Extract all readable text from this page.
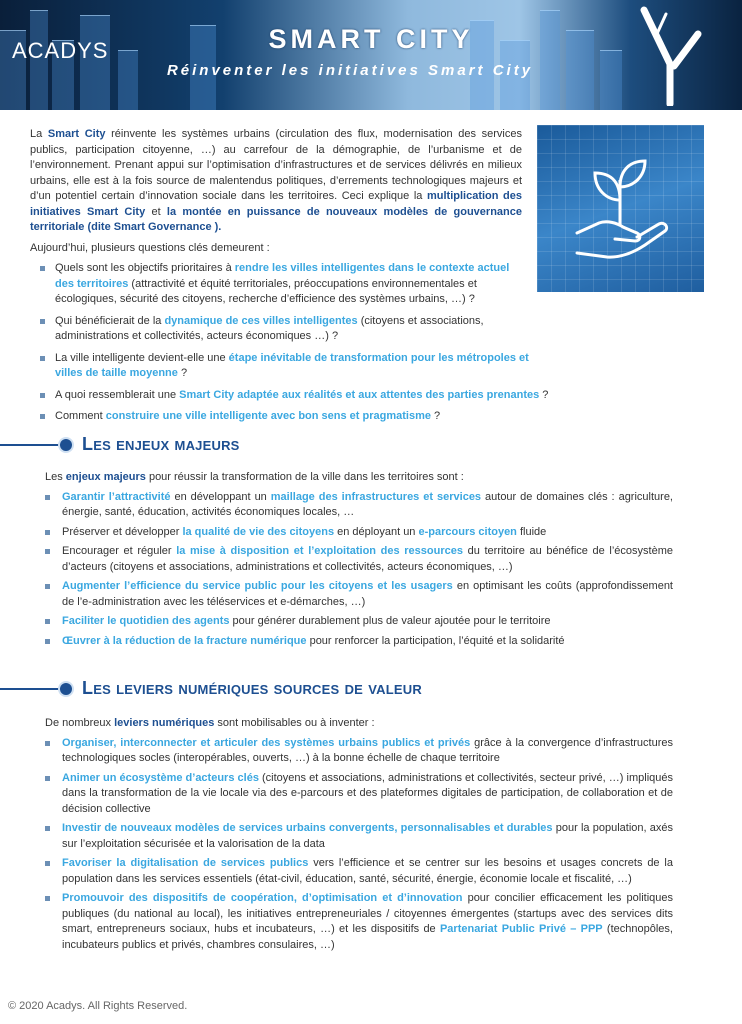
ACADYS	SMART CITY
Réinventer les initiatives Smart City

La Smart City réinvente les systèmes urbains (circulation des flux, modernisation des services publics, participation citoyenne, …) au carrefour de la démographie, de l’urbanisme et de l’environnement. Prenant appui sur l’optimisation d’infrastructures et de services délivrés en milieux urbains, elle est à la fois source de malentendus politiques, d’errements technologiques majeurs et d’un potentiel certain d’innovation sociale dans les territoires. Ceci explique la multiplication des initiatives Smart City et la montée en puissance de nouveaux modèles de gouvernance territoriale (dite Smart Governance ).

Aujourd’hui, plusieurs questions clés demeurent :

Quels sont les objectifs prioritaires à rendre les villes intelligentes dans le contexte actuel des territoires (attractivité et équité territoriales, préoccupations environnementales et écologiques, sécurité des citoyens, recherche d’efficience des systèmes urbains, …) ?
Qui bénéficierait de la dynamique de ces villes intelligentes (citoyens et associations, administrations et collectivités, acteurs économiques …) ?
La ville intelligente devient-elle une étape inévitable de transformation pour les métropoles et villes de taille moyenne ?
A quoi ressemblerait une Smart City adaptée aux réalités et aux attentes des parties prenantes ?
Comment construire une ville intelligente avec bon sens et pragmatisme ?
Les enjeux majeurs

Les enjeux majeurs pour réussir la transformation de la ville dans les territoires sont :

Garantir l’attractivité en développant un maillage des infrastructures et services autour de domaines clés : agriculture, énergie, santé, éducation, activités économiques locales, …
Préserver et développer la qualité de vie des citoyens en déployant un e-parcours citoyen fluide
Encourager et réguler la mise à disposition et l’exploitation des ressources du territoire au bénéfice de l’écosystème d’acteurs (citoyens et associations, administrations et collectivités, acteurs économiques, …)
Augmenter l’efficience du service public pour les citoyens et les usagers en optimisant les coûts (approfondissement de l’e-administration avec les téléservices et e-démarches, …)
Faciliter le quotidien des agents pour générer durablement plus de valeur ajoutée pour le territoire
Œuvrer à la réduction de la fracture numérique pour renforcer la participation, l’équité et la solidarité
Les leviers numériques sources de valeur

De nombreux leviers numériques sont mobilisables ou à inventer :

Organiser, interconnecter et articuler des systèmes urbains publics et privés grâce à la convergence d’infrastructures technologiques socles (interopérables, ouverts, …) à la bonne échelle de chaque territoire
Animer un écosystème d’acteurs clés (citoyens et associations, administrations et collectivités, secteur privé, …) impliqués dans la transformation de la vie locale via des e-parcours et des plateformes digitales de participation, de collaboration et de décision collective
Investir de nouveaux modèles de services urbains convergents, personnalisables et durables pour la population, axés sur l’exploitation sécurisée et la valorisation de la data
Favoriser la digitalisation de services publics vers l’efficience et se centrer sur les besoins et usages concrets de la population dans les services essentiels (état-civil, éducation, santé, sécurité, énergie, économie locale et fiscalité, …)
Promouvoir des dispositifs de coopération, d’optimisation et d’innovation pour concilier efficacement les politiques publiques (du national au local), les initiatives entrepreneuriales / citoyennes émergentes (startups avec des services dits smart, entrepreneurs sociaux, hubs et incubateurs, …) et les dispositifs de Partenariat Public Privé – PPP (technopôles, incubateurs publics et privés, chambres consulaires, …)
© 2020 Acadys. All Rights Reserved.
